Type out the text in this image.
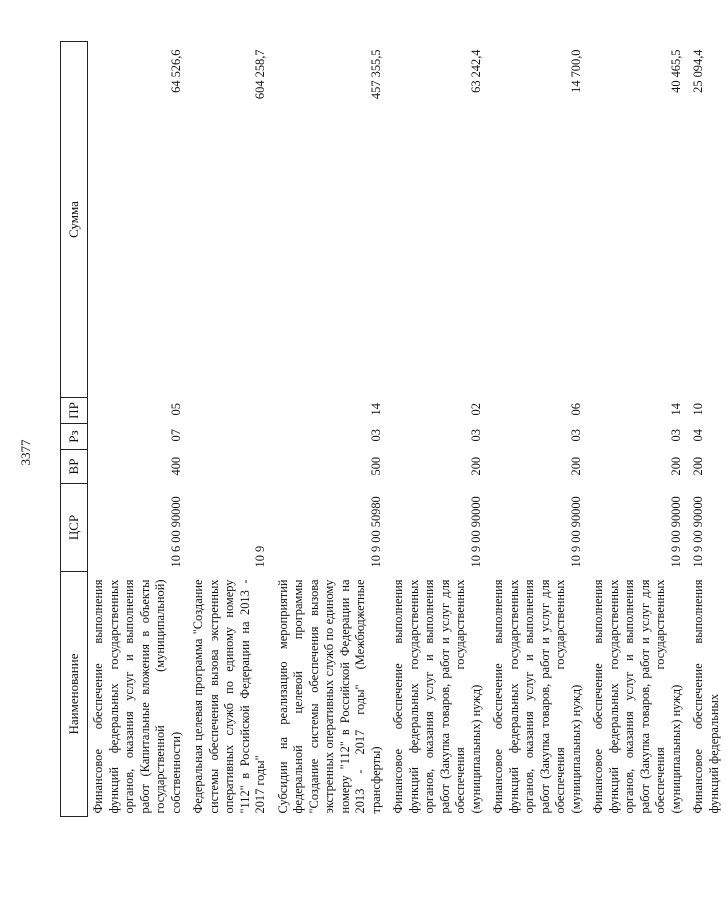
3377
Наименование	ЦСР	ВР	Рз	ПР	Сумма
Финансовое обеспечение выполнения функций федеральных государственных органов, оказания услуг и выполнения работ (Капитальные вложения в объекты государственной (муниципальной) собственности)	10 6 00 90000	400	07	05	64 526,6
Федеральная целевая программа "Создание системы обеспечения вызова экстренных оперативных служб по единому номеру "112" в Российской Федерации на 2013 - 2017 годы"	10 9				604 258,7
Субсидии на реализацию мероприятий федеральной целевой программы "Создание системы обеспечения вызова экстренных оперативных служб по единому номеру "112" в Российской Федерации на 2013 - 2017 годы" (Межбюджетные трансферты)	10 9 00 50980	500	03	14	457 355,5
Финансовое обеспечение выполнения функций федеральных государственных органов, оказания услуг и выполнения работ (Закупка товаров, работ и услуг для обеспечения государственных (муниципальных) нужд)	10 9 00 90000	200	03	02	63 242,4
Финансовое обеспечение выполнения функций федеральных государственных органов, оказания услуг и выполнения работ (Закупка товаров, работ и услуг для обеспечения государственных (муниципальных) нужд)	10 9 00 90000	200	03	06	14 700,0
Финансовое обеспечение выполнения функций федеральных государственных органов, оказания услуг и выполнения работ (Закупка товаров, работ и услуг для обеспечения государственных (муниципальных) нужд)	10 9 00 90000	200	03	14	40 465,5
Финансовое обеспечение выполнения функций федеральных	10 9 00 90000	200	04	10	25 094,4
